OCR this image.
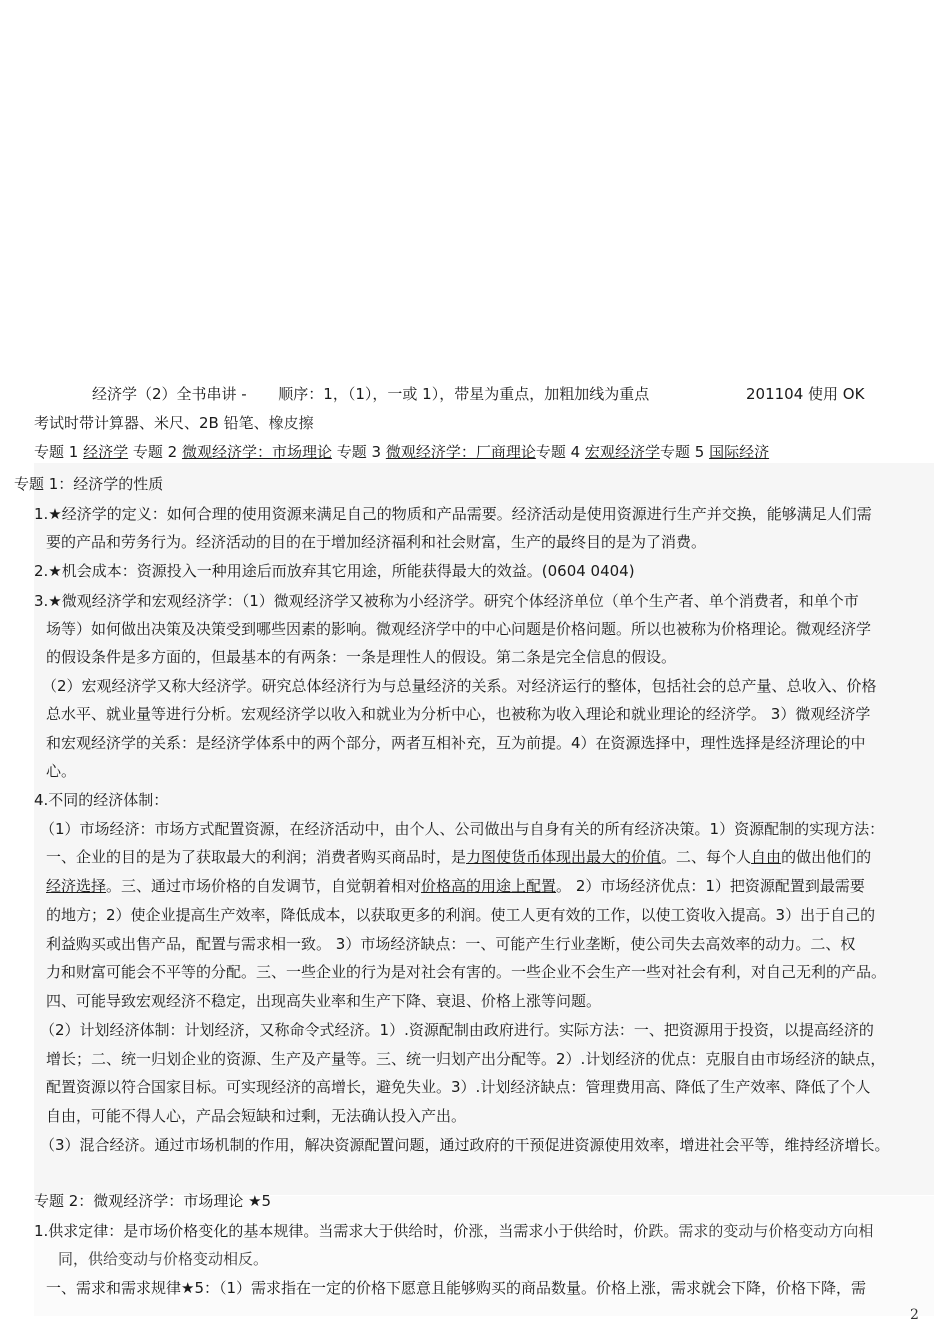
经济学（2）全书串讲 - 顺序：1，（1），一或 1），带星为重点，加粗加线为重点	201104 使用 OK
考试时带计算器、米尺、2B 铅笔、橡皮擦
专题 1 经济学 专题 2 微观经济学：市场理论 专题 3 微观经济学：厂商理论专题 4 宏观经济学专题 5 国际经济
专题 1：经济学的性质
1.★经济学的定义：如何合理的使用资源来满足自己的物质和产品需要。经济活动是使用资源进行生产并交换，能够满足人们需
要的产品和劳务行为。经济活动的目的在于增加经济福利和社会财富，生产的最终目的是为了消费。
2.★机会成本：资源投入一种用途后而放弃其它用途，所能获得最大的效益。(0604 0404)
3.★微观经济学和宏观经济学：（1）微观经济学又被称为小经济学。研究个体经济单位（单个生产者、单个消费者，和单个市
场等）如何做出决策及决策受到哪些因素的影响。微观经济学中的中心问题是价格问题。所以也被称为价格理论。微观经济学
的假设条件是多方面的，但最基本的有两条：一条是理性人的假设。第二条是完全信息的假设。
（2）宏观经济学又称大经济学。研究总体经济行为与总量经济的关系。对经济运行的整体，包括社会的总产量、总收入、价格
总水平、就业量等进行分析。宏观经济学以收入和就业为分析中心，也被称为收入理论和就业理论的经济学。 3）微观经济学
和宏观经济学的关系：是经济学体系中的两个部分，两者互相补充，互为前提。4）在资源选择中，理性选择是经济理论的中
心。
4.不同的经济体制：
（1）市场经济：市场方式配置资源，在经济活动中，由个人、公司做出与自身有关的所有经济决策。1）资源配制的实现方法：
一、企业的目的是为了获取最大的利润；消费者购买商品时，是力图使货币体现出最大的价值。二、每个人自由的做出他们的
经济选择。三、通过市场价格的自发调节，自觉朝着相对价格高的用途上配置。 2）市场经济优点：1）把资源配置到最需要
的地方；2）使企业提高生产效率，降低成本，以获取更多的利润。使工人更有效的工作，以使工资收入提高。3）出于自己的
利益购买或出售产品，配置与需求相一致。 3）市场经济缺点：一、可能产生行业垄断，使公司失去高效率的动力。二、权
力和财富可能会不平等的分配。三、一些企业的行为是对社会有害的。一些企业不会生产一些对社会有利，对自己无利的产品。
四、可能导致宏观经济不稳定，出现高失业率和生产下降、衰退、价格上涨等问题。
（2）计划经济体制：计划经济，又称命令式经济。1）.资源配制由政府进行。实际方法：一、把资源用于投资，以提高经济的
增长；二、统一归划企业的资源、生产及产量等。三、统一归划产出分配等。2）.计划经济的优点：克服自由市场经济的缺点，
配置资源以符合国家目标。可实现经济的高增长，避免失业。3）.计划经济缺点：管理费用高、降低了生产效率、降低了个人
自由，可能不得人心，产品会短缺和过剩，无法确认投入产出。
（3）混合经济。通过市场机制的作用，解决资源配置问题，通过政府的干预促进资源使用效率，增进社会平等，维持经济增长。
专题 2：微观经济学：市场理论 ★5
1.供求定律：是市场价格变化的基本规律。当需求大于供给时，价涨，当需求小于供给时，价跌。需求的变动与价格变动方向相
同，供给变动与价格变动相反。
一、需求和需求规律★5：（1）需求指在一定的价格下愿意且能够购买的商品数量。价格上涨，需求就会下降，价格下降，需
2
